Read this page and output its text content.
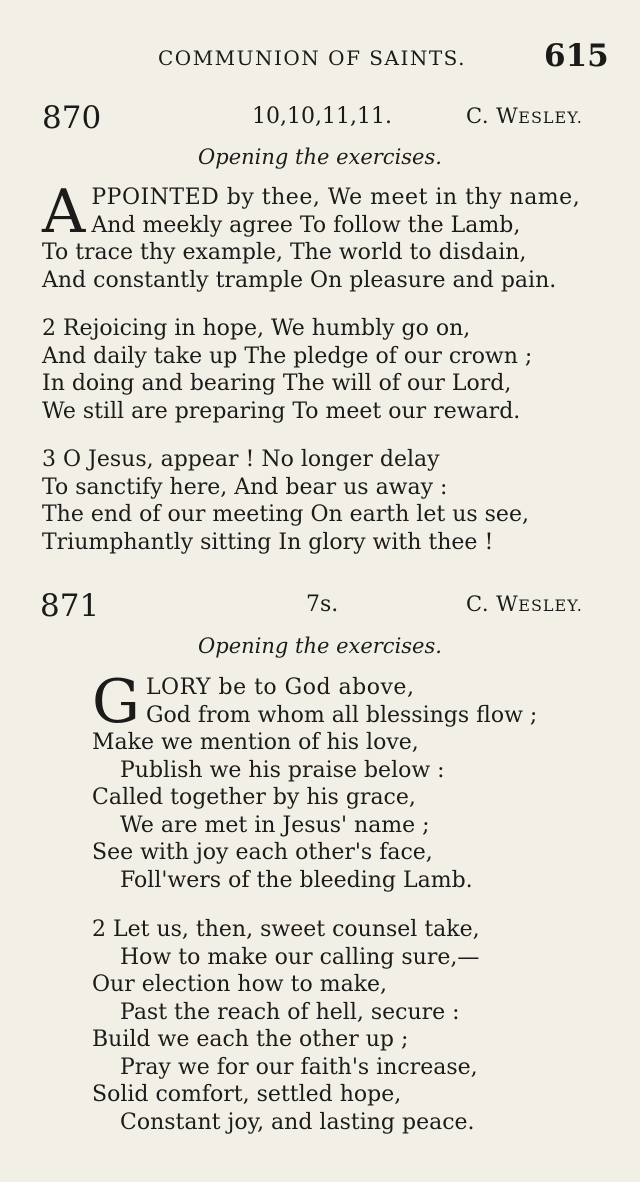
COMMUNION OF SAINTS.	615
870	10,10,11,11.	C. WESLEY.
Opening the exercises.
A PPOINTED by thee, We meet in thy name,
And meekly agree To follow the Lamb,
To trace thy example, The world to disdain,
And constantly trample On pleasure and pain.
2 Rejoicing in hope, We humbly go on,
And daily take up The pledge of our crown ;
In doing and bearing The will of our Lord,
We still are preparing To meet our reward.
3 O Jesus, appear ! No longer delay
To sanctify here, And bear us away :
The end of our meeting On earth let us see,
Triumphantly sitting In glory with thee !
871	7s.	C. WESLEY.
Opening the exercises.
G LORY be to God above,
God from whom all blessings flow ;
Make we mention of his love,
Publish we his praise below :
Called together by his grace,
We are met in Jesus' name ;
See with joy each other's face,
Foll'wers of the bleeding Lamb.
2 Let us, then, sweet counsel take,
How to make our calling sure,—
Our election how to make,
Past the reach of hell, secure :
Build we each the other up ;
Pray we for our faith's increase,
Solid comfort, settled hope,
Constant joy, and lasting peace.
